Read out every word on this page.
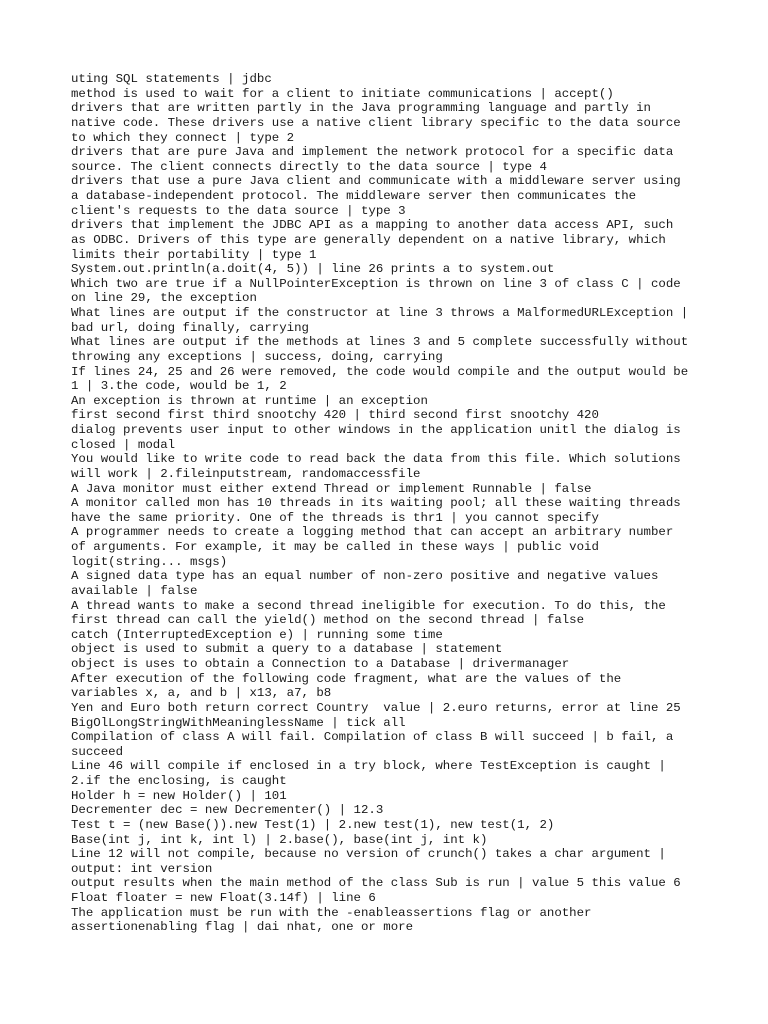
uting SQL statements | jdbc
method is used to wait for a client to initiate communications | accept()
drivers that are written partly in the Java programming language and partly in
native code. These drivers use a native client library specific to the data source
to which they connect | type 2
drivers that are pure Java and implement the network protocol for a specific data
source. The client connects directly to the data source | type 4
drivers that use a pure Java client and communicate with a middleware server using
a database-independent protocol. The middleware server then communicates the
client's requests to the data source | type 3
drivers that implement the JDBC API as a mapping to another data access API, such
as ODBC. Drivers of this type are generally dependent on a native library, which
limits their portability | type 1
System.out.println(a.doit(4, 5)) | line 26 prints a to system.out
Which two are true if a NullPointerException is thrown on line 3 of class C | code
on line 29, the exception
What lines are output if the constructor at line 3 throws a MalformedURLException |
bad url, doing finally, carrying
What lines are output if the methods at lines 3 and 5 complete successfully without
throwing any exceptions | success, doing, carrying
If lines 24, 25 and 26 were removed, the code would compile and the output would be
1 | 3.the code, would be 1, 2
An exception is thrown at runtime | an exception
first second first third snootchy 420 | third second first snootchy 420
dialog prevents user input to other windows in the application unitl the dialog is
closed | modal
You would like to write code to read back the data from this file. Which solutions
will work | 2.fileinputstream, randomaccessfile
A Java monitor must either extend Thread or implement Runnable | false
A monitor called mon has 10 threads in its waiting pool; all these waiting threads
have the same priority. One of the threads is thr1 | you cannot specify
A programmer needs to create a logging method that can accept an arbitrary number
of arguments. For example, it may be called in these ways | public void
logit(string... msgs)
A signed data type has an equal number of non-zero positive and negative values
available | false
A thread wants to make a second thread ineligible for execution. To do this, the
first thread can call the yield() method on the second thread | false
catch (InterruptedException e) | running some time
object is used to submit a query to a database | statement
object is uses to obtain a Connection to a Database | drivermanager
After execution of the following code fragment, what are the values of the
variables x, a, and b | x13, a7, b8
Yen and Euro both return correct Country  value | 2.euro returns, error at line 25
BigOlLongStringWithMeaninglessName | tick all
Compilation of class A will fail. Compilation of class B will succeed | b fail, a
succeed
Line 46 will compile if enclosed in a try block, where TestException is caught |
2.if the enclosing, is caught
Holder h = new Holder() | 101
Decrementer dec = new Decrementer() | 12.3
Test t = (new Base()).new Test(1) | 2.new test(1), new test(1, 2)
Base(int j, int k, int l) | 2.base(), base(int j, int k)
Line 12 will not compile, because no version of crunch() takes a char argument |
output: int version
output results when the main method of the class Sub is run | value 5 this value 6
Float floater = new Float(3.14f) | line 6
The application must be run with the -enableassertions flag or another
assertionenabling flag | dai nhat, one or more
